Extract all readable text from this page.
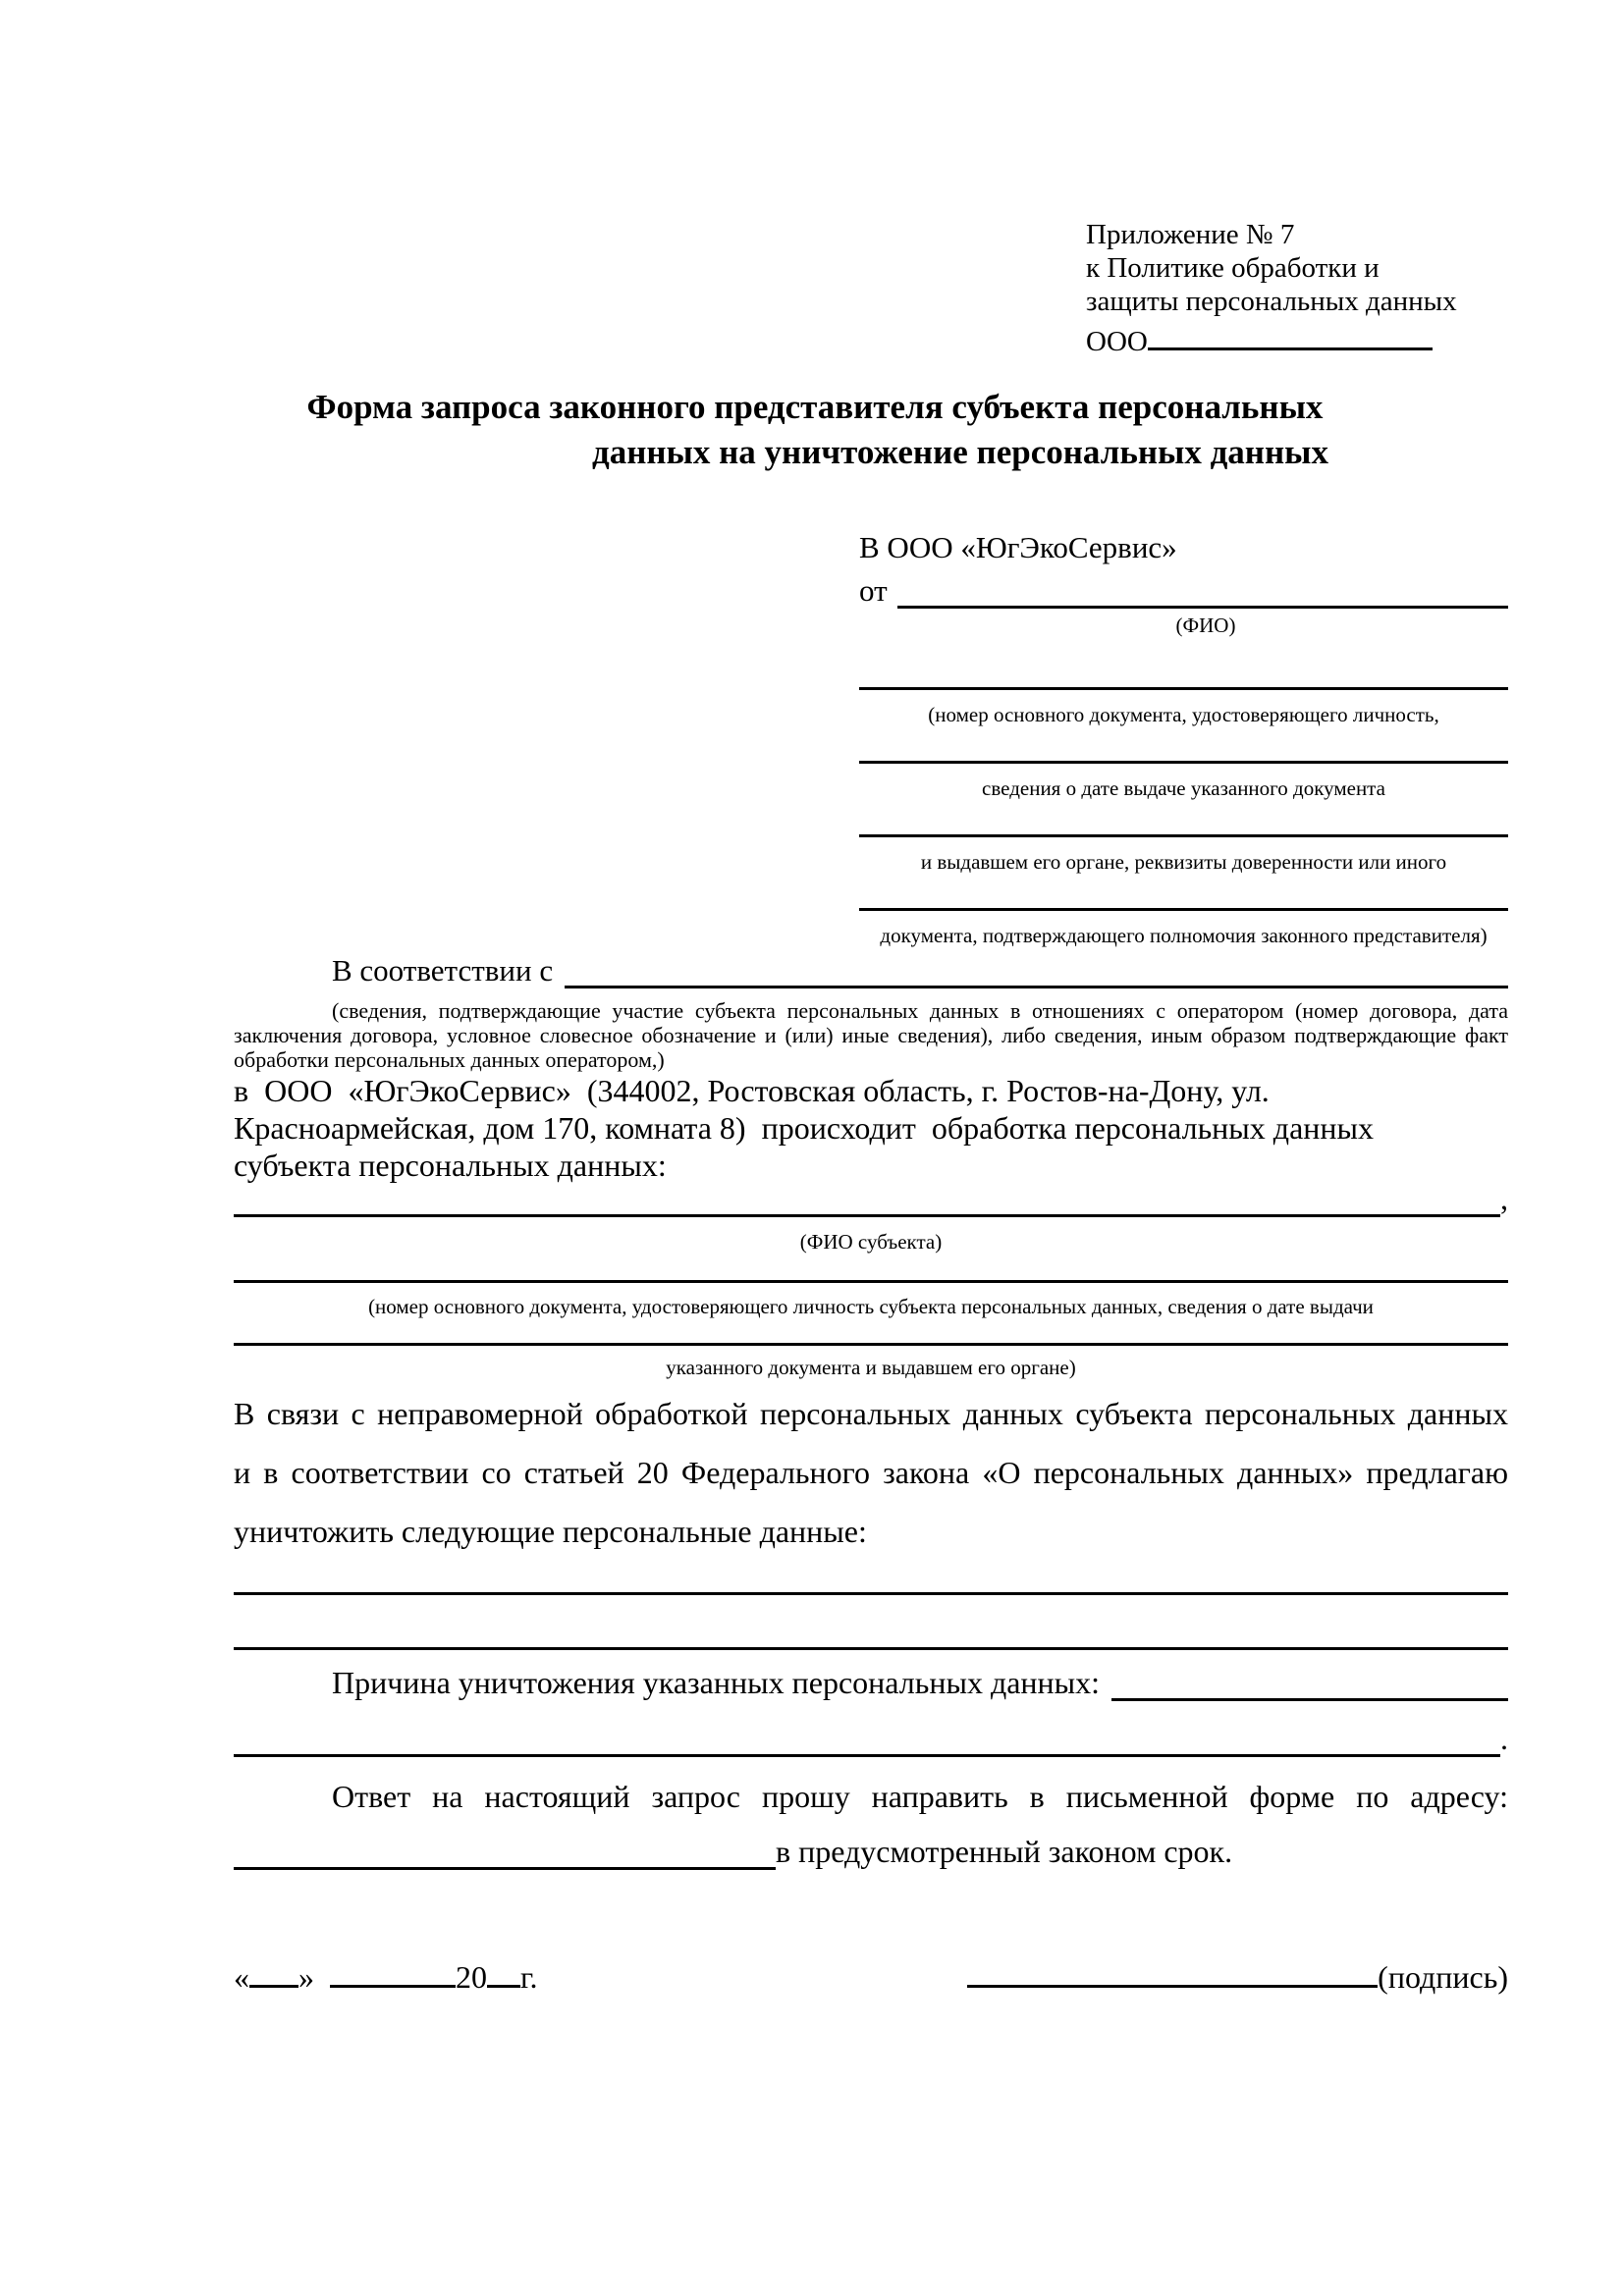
Приложение № 7
к Политике обработки и
защиты персональных данных
ООО
Форма запроса законного представителя субъекта персональных
данных на уничтожение персональных данных
В ООО «ЮгЭкоСервис»
от
(ФИО)
(номер основного документа, удостоверяющего личность,
сведения о дате выдаче указанного документа
и выдавшем его органе, реквизиты доверенности или иного
документа, подтверждающего полномочия законного представителя)
В соответствии с
(сведения, подтверждающие участие субъекта персональных данных в отношениях с оператором (номер договора, дата
заключения договора, условное словесное обозначение и (или) иные сведения), либо сведения, иным образом подтверждающие факт
обработки персональных данных оператором,)
в  ООО  «ЮгЭкоСервис»  (344002, Ростовская область, г. Ростов-на-Дону, ул.
Красноармейская, дом 170, комната 8)  происходит  обработка персональных данных
субъекта персональных данных:
,
(ФИО субъекта)
(номер основного документа, удостоверяющего личность субъекта персональных данных, сведения о дате выдачи
указанного документа и выдавшем его органе)
В связи с неправомерной обработкой персональных данных субъекта персональных данных
и в соответствии со статьей 20 Федерального закона «О персональных данных» предлагаю
уничтожить следующие персональные данные:
Причина уничтожения указанных персональных данных:
.
Ответ на настоящий запрос прошу направить в письменной форме по адресу:
в предусмотренный законом срок.
« »	20 г.	(подпись)
